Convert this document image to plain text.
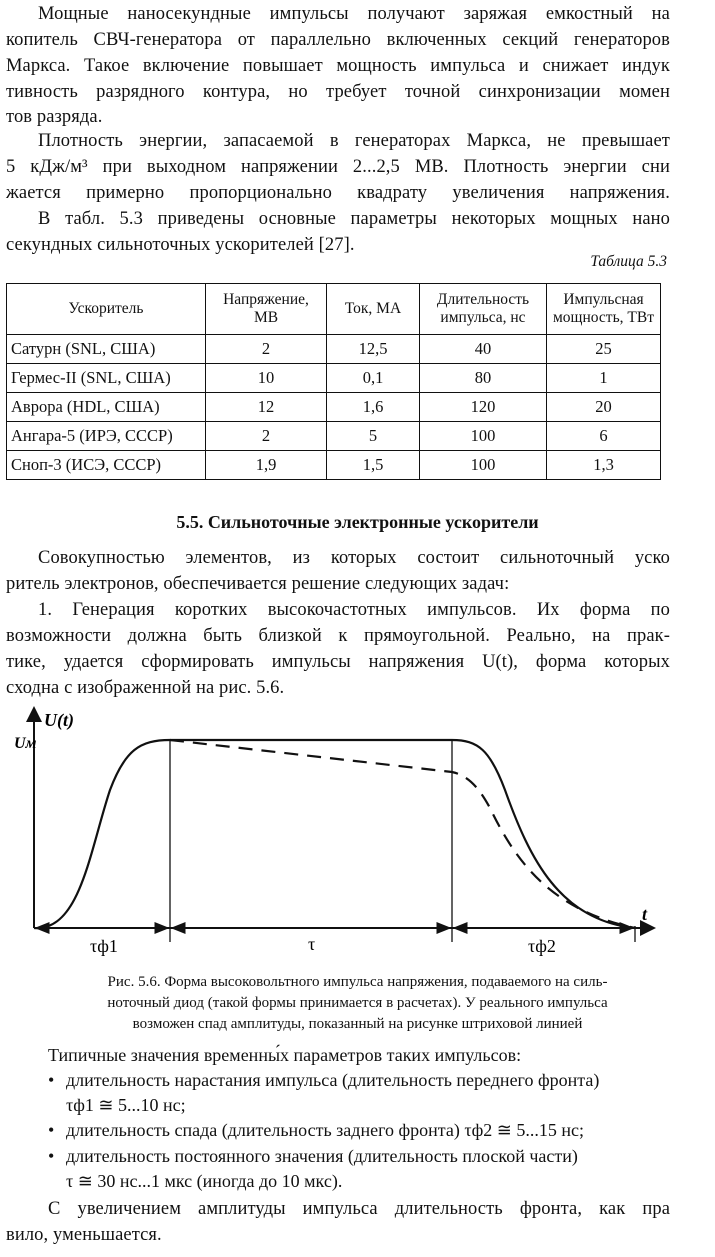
Мощные наносекундные импульсы получают заряжая емкостный на
копитель СВЧ-генератора от параллельно включенных секций генераторов
Маркса. Такое включение повышает мощность импульса и снижает индук
тивность разрядного контура, но требует точной синхронизации момен
тов разряда.
Плотность энергии, запасаемой в генераторах Маркса, не превышает
5 кДж/м³ при выходном напряжении 2...2,5 МВ. Плотность энергии сни
жается примерно пропорционально квадрату увеличения напряжения.
В табл. 5.3 приведены основные параметры некоторых мощных нано
секундных сильноточных ускорителей [27].
Таблица 5.3
Ускоритель	Напряжение, МВ	Ток, МА	Длительность импульса, нс	Импульсная мощность, ТВт
Сатурн (SNL, США)	2	12,5	40	25
Гермес-II (SNL, США)	10	0,1	80	1
Аврора (HDL, США)	12	1,6	120	20
Ангара-5 (ИРЭ, СССР)	2	5	100	6
Сноп-3 (ИСЭ, СССР)	1,9	1,5	100	1,3
5.5. Сильноточные электронные ускорители
Совокупностью элементов, из которых состоит сильноточный уско
ритель электронов, обеспечивается решение следующих задач:
1. Генерация коротких высокочастотных импульсов. Их форма по
возможности должна быть близкой к прямоугольной. Реально, на прак-
тике, удается сформировать импульсы напряжения U(t), форма которых
сходна с изображенной на рис. 5.6.
U(t)
Uм
t
τф1	τ	τф2
Рис. 5.6. Форма высоковольтного импульса напряжения, подаваемого на силь-
ноточный диод (такой формы принимается в расчетах). У реального импульса
возможен спад амплитуды, показанный на рисунке штриховой линией
Типичные значения временны́х параметров таких импульсов:
• длительность нарастания импульса (длительность переднего фронта)
τф1 ≅ 5...10 нс;
• длительность спада (длительность заднего фронта) τф2 ≅ 5...15 нс;
• длительность постоянного значения (длительность плоской части)
τ ≅ 30 нс...1 мкс (иногда до 10 мкс).
С увеличением амплитуды импульса длительность фронта, как пра
вило, уменьшается.
